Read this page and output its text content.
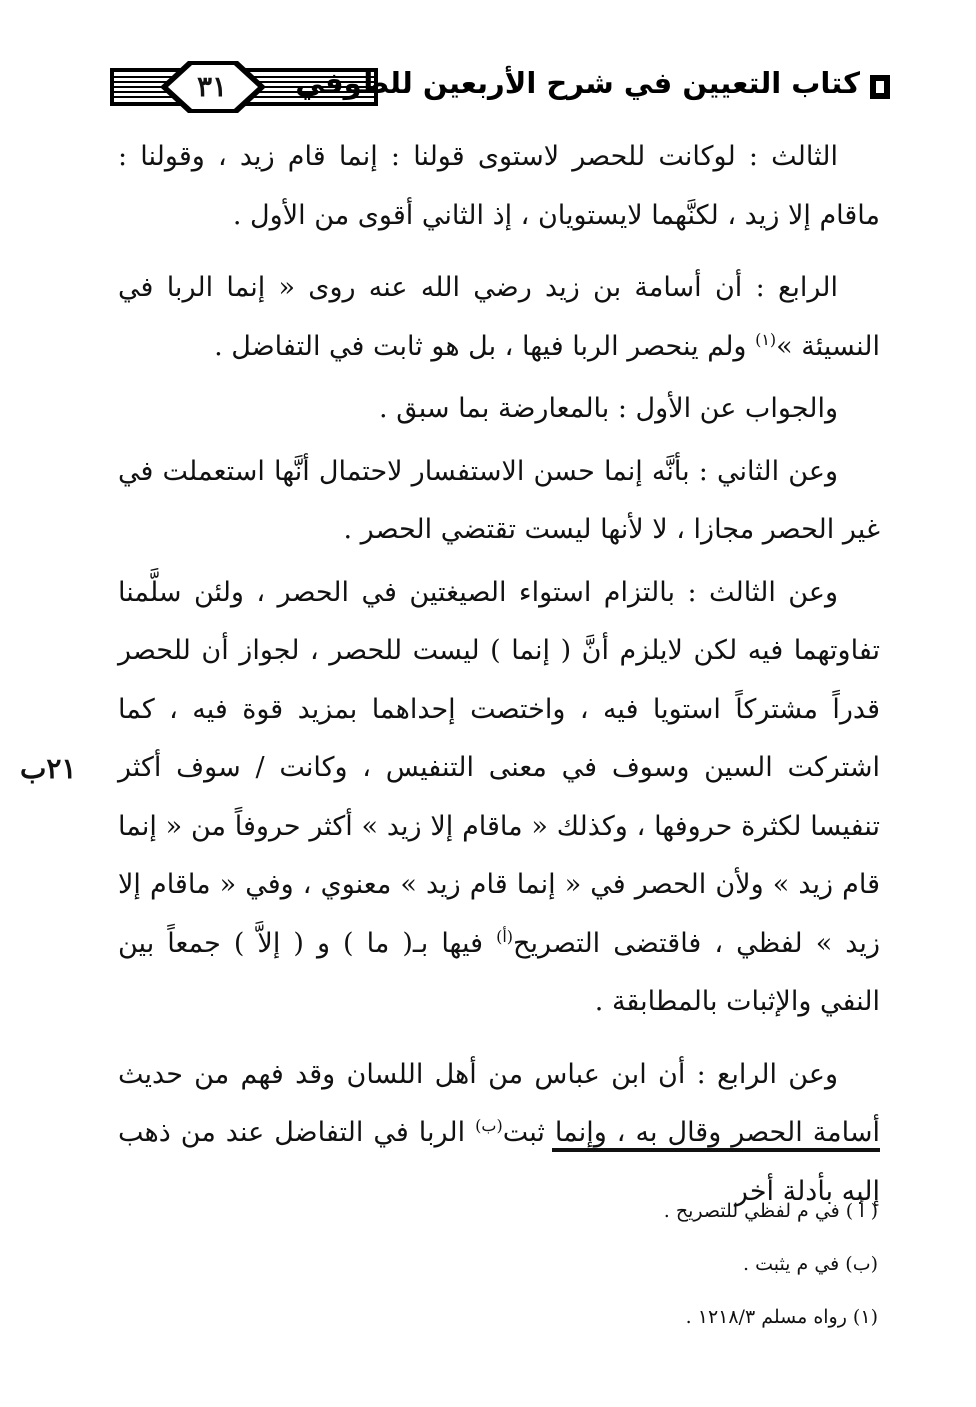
٣١	كتاب التعيين في شرح الأربعين للطوفي

الثالث : لوكانت للحصر لاستوى قولنا : إنما قام زيد ، وقولنا : ماقام إلا زيد ، لكنَّهما لايستويان ، إذ الثاني أقوى من الأول .

الرابع : أن أسامة بن زيد رضي الله عنه روى « إنما الربا في النسيئة »$^{(١)}$ ولم ينحصر الربا فيها ، بل هو ثابت في التفاضل .

والجواب عن الأول : بالمعارضة بما سبق .

وعن الثاني : بأنَّه إنما حسن الاستفسار لاحتمال أنَّها استعملت في غير الحصر مجازا ، لا لأنها ليست تقتضي الحصر .

وعن الثالث : بالتزام استواء الصيغتين في الحصر ، ولئن سلَّمنا تفاوتهما فيه لكن لايلزم أنَّ ( إنما ) ليست للحصر ، لجواز أن للحصر قدراً مشتركاً استويا فيه ، واختصت إحداهما بمزيد قوة فيه ، كما اشتركت السين وسوف في معنى التنفيس ، وكانت / سوف أكثر تنفيسا لكثرة حروفها ، وكذلك « ماقام إلا زيد » أكثر حروفاً من « إنما قام زيد » ولأن الحصر في « إنما قام زيد » معنوي ، وفي « ماقام إلا زيد » لفظي ، فاقتضى التصريح$^{(أ)}$ فيها بـ( ما ) و ( إلاَّ ) جمعاً بين النفي والإثبات بالمطابقة .

وعن الرابع : أن ابن عباس من أهل اللسان وقد فهم من حديث أسامة الحصر وقال به ، وإنما ثبت$^{(ب)}$ الربا في التفاضل عند من ذهب إلبه بأدلة أخر

٢١ب

( أ ) في م لفظي للتصريح .

(ب) في م يثبت .

(١) رواه مسلم ١٢١٨/٣ .
